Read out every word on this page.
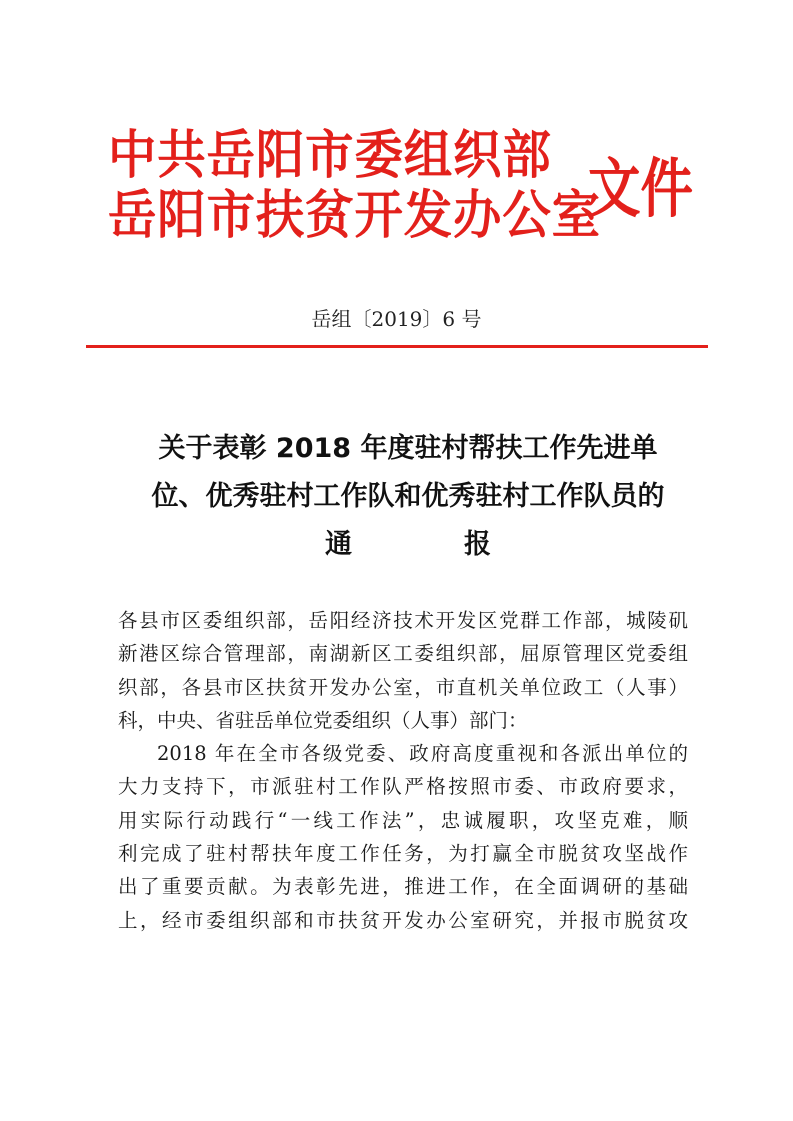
中共岳阳市委组织部
岳阳市扶贫开发办公室
文件
岳组〔2019〕6 号
关于表彰 2018 年度驻村帮扶工作先进单
位、优秀驻村工作队和优秀驻村工作队员的
通报
各县市区委组织部，岳阳经济技术开发区党群工作部，城陵矶
新港区综合管理部，南湖新区工委组织部，屈原管理区党委组
织部，各县市区扶贫开发办公室，市直机关单位政工（人事）
科，中央、省驻岳单位党委组织（人事）部门：
2018 年在全市各级党委、政府高度重视和各派出单位的
大力支持下，市派驻村工作队严格按照市委、市政府要求，
用实际行动践行“一线工作法”，忠诚履职，攻坚克难，顺
利完成了驻村帮扶年度工作任务，为打赢全市脱贫攻坚战作
出了重要贡献。为表彰先进，推进工作，在全面调研的基础
上，经市委组织部和市扶贫开发办公室研究，并报市脱贫攻
